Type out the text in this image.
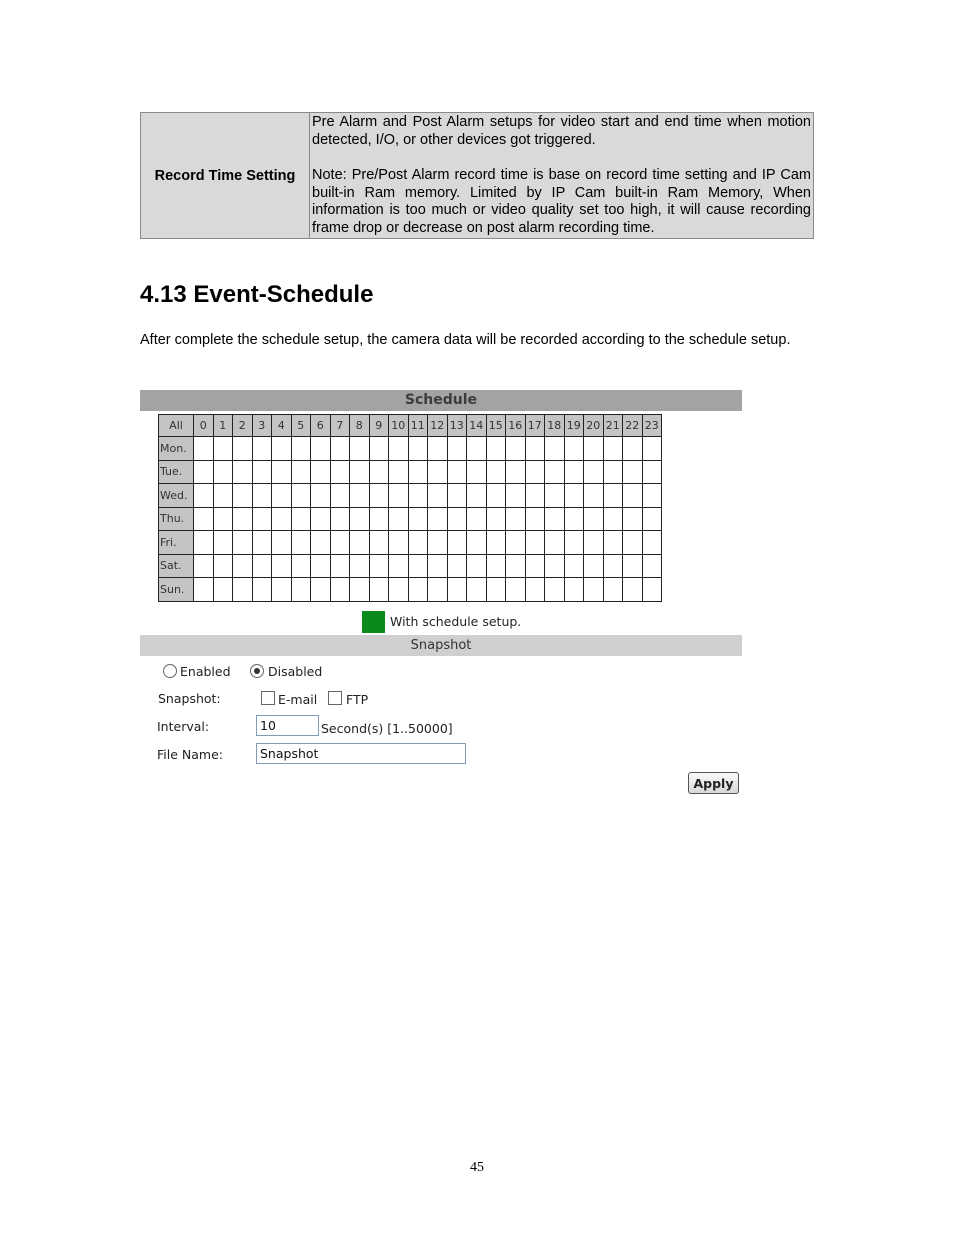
Record Time Setting	

Pre Alarm and Post Alarm setups for video start and end time when motion detected, I/O, or other devices got triggered.

Note: Pre/Post Alarm record time is base on record time setting and IP Cam built-in Ram memory. Limited by IP Cam built-in Ram Memory, When information is too much or video quality set too high, it will cause recording frame drop or decrease on post alarm recording time.

4.13 Event-Schedule

After complete the schedule setup, the camera data will be recorded according to the schedule setup.

Schedule
All	0	1	2	3	4	5	6	7	8	9	10	11	12	13	14	15	16	17	18	19	20	21	22	23
Mon.																								
Tue.																								
Wed.																								
Thu.																								
Fri.																								
Sat.																								
Sun.																								
With schedule setup.
Snapshot
Enabled	Disabled
Snapshot:	E-mail FTP
Interval:
10	Second(s) [1..50000]
File Name:
Snapshot
Apply
45
